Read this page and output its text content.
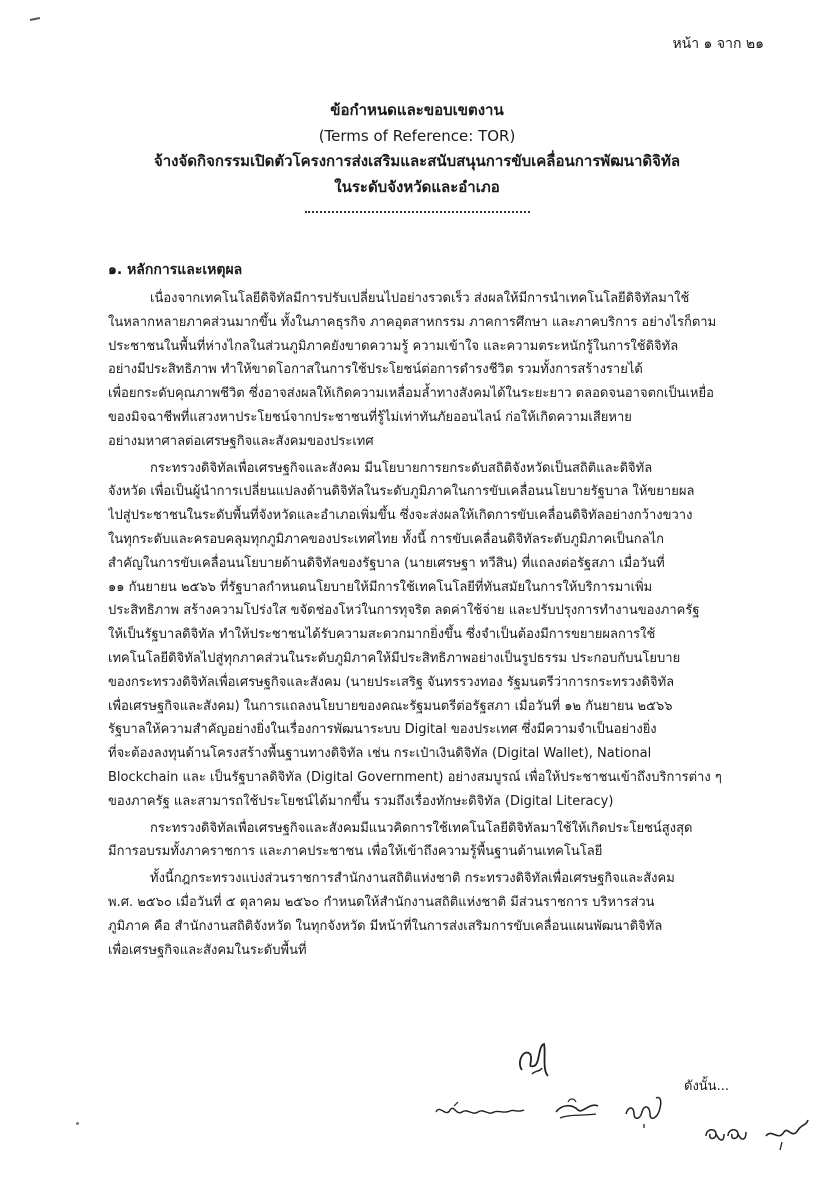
หน้า ๑ จาก ๒๑
ข้อกำหนดและขอบเขตงาน
(Terms of Reference: TOR)
จ้างจัดกิจกรรมเปิดตัวโครงการส่งเสริมและสนับสนุนการขับเคลื่อนการพัฒนาดิจิทัล
ในระดับจังหวัดและอำเภอ
๑. หลักการและเหตุผล
เนื่องจากเทคโนโลยีดิจิทัลมีการปรับเปลี่ยนไปอย่างรวดเร็ว ส่งผลให้มีการนำเทคโนโลยีดิจิทัลมาใช้
ในหลากหลายภาคส่วนมากขึ้น ทั้งในภาคธุรกิจ ภาคอุตสาหกรรม ภาคการศึกษา และภาคบริการ อย่างไรก็ตาม
ประชาชนในพื้นที่ห่างไกลในส่วนภูมิภาคยังขาดความรู้ ความเข้าใจ และความตระหนักรู้ในการใช้ดิจิทัล
อย่างมีประสิทธิภาพ ทำให้ขาดโอกาสในการใช้ประโยชน์ต่อการดำรงชีวิต รวมทั้งการสร้างรายได้
เพื่อยกระดับคุณภาพชีวิต ซึ่งอาจส่งผลให้เกิดความเหลื่อมล้ำทางสังคมได้ในระยะยาว ตลอดจนอาจตกเป็นเหยื่อ
ของมิจฉาชีพที่แสวงหาประโยชน์จากประชาชนที่รู้ไม่เท่าทันภัยออนไลน์ ก่อให้เกิดความเสียหาย
อย่างมหาศาลต่อเศรษฐกิจและสังคมของประเทศ
กระทรวงดิจิทัลเพื่อเศรษฐกิจและสังคม มีนโยบายการยกระดับสถิติจังหวัดเป็นสถิติและดิจิทัล
จังหวัด เพื่อเป็นผู้นำการเปลี่ยนแปลงด้านดิจิทัลในระดับภูมิภาคในการขับเคลื่อนนโยบายรัฐบาล ให้ขยายผล
ไปสู่ประชาชนในระดับพื้นที่จังหวัดและอำเภอเพิ่มขึ้น ซึ่งจะส่งผลให้เกิดการขับเคลื่อนดิจิทัลอย่างกว้างขวาง
ในทุกระดับและครอบคลุมทุกภูมิภาคของประเทศไทย ทั้งนี้ การขับเคลื่อนดิจิทัลระดับภูมิภาคเป็นกลไก
สำคัญในการขับเคลื่อนนโยบายด้านดิจิทัลของรัฐบาล (นายเศรษฐา ทวีสิน) ที่แถลงต่อรัฐสภา เมื่อวันที่
๑๑ กันยายน ๒๕๖๖ ที่รัฐบาลกำหนดนโยบายให้มีการใช้เทคโนโลยีที่ทันสมัยในการให้บริการมาเพิ่ม
ประสิทธิภาพ สร้างความโปร่งใส ขจัดช่องโหว่ในการทุจริต ลดค่าใช้จ่าย และปรับปรุงการทำงานของภาครัฐ
ให้เป็นรัฐบาลดิจิทัล ทำให้ประชาชนได้รับความสะดวกมากยิ่งขึ้น ซึ่งจำเป็นต้องมีการขยายผลการใช้
เทคโนโลยีดิจิทัลไปสู่ทุกภาคส่วนในระดับภูมิภาคให้มีประสิทธิภาพอย่างเป็นรูปธรรม ประกอบกับนโยบาย
ของกระทรวงดิจิทัลเพื่อเศรษฐกิจและสังคม (นายประเสริฐ จันทรรวงทอง รัฐมนตรีว่าการกระทรวงดิจิทัล
เพื่อเศรษฐกิจและสังคม) ในการแถลงนโยบายของคณะรัฐมนตรีต่อรัฐสภา เมื่อวันที่ ๑๒ กันยายน ๒๕๖๖
รัฐบาลให้ความสำคัญอย่างยิ่งในเรื่องการพัฒนาระบบ Digital ของประเทศ ซึ่งมีความจำเป็นอย่างยิ่ง
ที่จะต้องลงทุนด้านโครงสร้างพื้นฐานทางดิจิทัล เช่น กระเป๋าเงินดิจิทัล (Digital Wallet), National
Blockchain และ เป็นรัฐบาลดิจิทัล (Digital Government) อย่างสมบูรณ์ เพื่อให้ประชาชนเข้าถึงบริการต่าง ๆ
ของภาครัฐ และสามารถใช้ประโยชน์ได้มากขึ้น รวมถึงเรื่องทักษะดิจิทัล (Digital Literacy)
กระทรวงดิจิทัลเพื่อเศรษฐกิจและสังคมมีแนวคิดการใช้เทคโนโลยีดิจิทัลมาใช้ให้เกิดประโยชน์สูงสุด
มีการอบรมทั้งภาคราชการ และภาคประชาชน เพื่อให้เข้าถึงความรู้พื้นฐานด้านเทคโนโลยี
ทั้งนี้กฎกระทรวงแบ่งส่วนราชการสำนักงานสถิติแห่งชาติ กระทรวงดิจิทัลเพื่อเศรษฐกิจและสังคม
พ.ศ. ๒๕๖๐ เมื่อวันที่ ๕ ตุลาคม ๒๕๖๐ กำหนดให้สำนักงานสถิติแห่งชาติ มีส่วนราชการ บริหารส่วน
ภูมิภาค คือ สำนักงานสถิติจังหวัด ในทุกจังหวัด มีหน้าที่ในการส่งเสริมการขับเคลื่อนแผนพัฒนาดิจิทัล
เพื่อเศรษฐกิจและสังคมในระดับพื้นที่
ดังนั้น...
